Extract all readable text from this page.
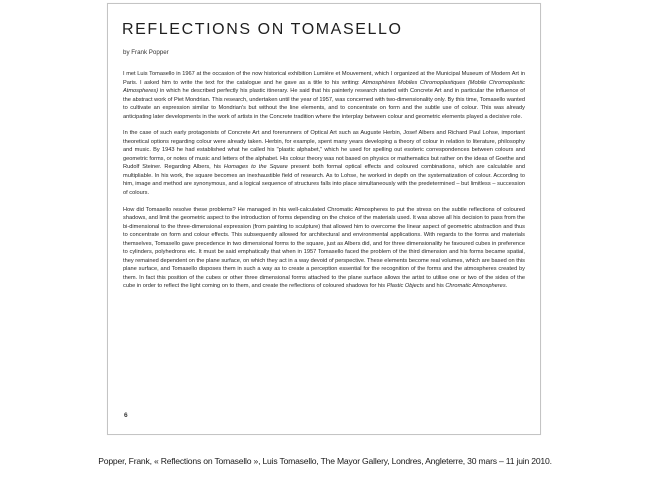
REFLECTIONS ON TOMASELLO

by Frank Popper

I met Luis Tomasello in 1967 at the occasion of the now historical exhibition Lumière et Mouvement, which I organized at the Municipal Museum of Modern Art in Paris. I asked him to write the text for the catalogue and he gave as a title to his writing: Atmosphères Mobiles Chromoplastiques (Mobile Chromoplastic Atmospheres) in which he described perfectly his plastic itinerary. He said that his painterly research started with Concrete Art and in particular the influence of the abstract work of Piet Mondrian. This research, undertaken until the year of 1957, was concerned with two-dimensionality only. By this time, Tomasello wanted to cultivate an expression similar to Mondrian's but without the line elements, and to concentrate on form and the subtle use of colour. This was already anticipating later developments in the work of artists in the Concrete tradition where the interplay between colour and geometric elements played a decisive role.

In the case of such early protagonists of Concrete Art and forerunners of Optical Art such as Auguste Herbin, Josef Albers and Richard Paul Lohse, important theoretical options regarding colour were already taken. Herbin, for example, spent many years developing a theory of colour in relation to literature, philosophy and music. By 1943 he had established what he called his "plastic alphabet," which he used for spelling out esoteric correspondences between colours and geometric forms, or notes of music and letters of the alphabet. His colour theory was not based on physics or mathematics but rather on the ideas of Goethe and Rudolf Steiner. Regarding Albers, his Homages to the Square present both formal optical effects and coloured combinations, which are calculable and multipliable. In his work, the square becomes an inexhaustible field of research. As to Lohse, he worked in depth on the systematization of colour. According to him, image and method are synonymous, and a logical sequence of structures falls into place simultaneously with the predetermined – but limitless – succession of colours.

How did Tomasello resolve these problems? He managed in his well-calculated Chromatic Atmospheres to put the stress on the subtle reflections of coloured shadows, and limit the geometric aspect to the introduction of forms depending on the choice of the materials used. It was above all his decision to pass from the bi-dimensional to the three-dimensional expression (from painting to sculpture) that allowed him to overcome the linear aspect of geometric abstraction and thus to concentrate on form and colour effects. This subsequently allowed for architectural and environmental applications. With regards to the forms and materials themselves, Tomasello gave precedence in two dimensional forms to the square, just as Albers did, and for three dimensionality he favoured cubes in preference to cylinders, polyhedrons etc. It must be said emphatically that when in 1957 Tomasello faced the problem of the third dimension and his forms became spatial, they remained dependent on the plane surface, on which they act in a way devoid of perspective. These elements become real volumes, which are based on this plane surface, and Tomasello disposes them in such a way as to create a perception essential for the recognition of the forms and the atmospheres created by them. In fact this position of the cubes or other three dimensional forms attached to the plane surface allows the artist to utilise one or two of the sides of the cube in order to reflect the light coming on to them, and create the reflections of coloured shadows for his Plastic Objects and his Chromatic Atmospheres.

6

Popper, Frank, « Reflections on Tomasello », Luis Tomasello, The Mayor Gallery, Londres, Angleterre, 30 mars – 11 juin 2010.
